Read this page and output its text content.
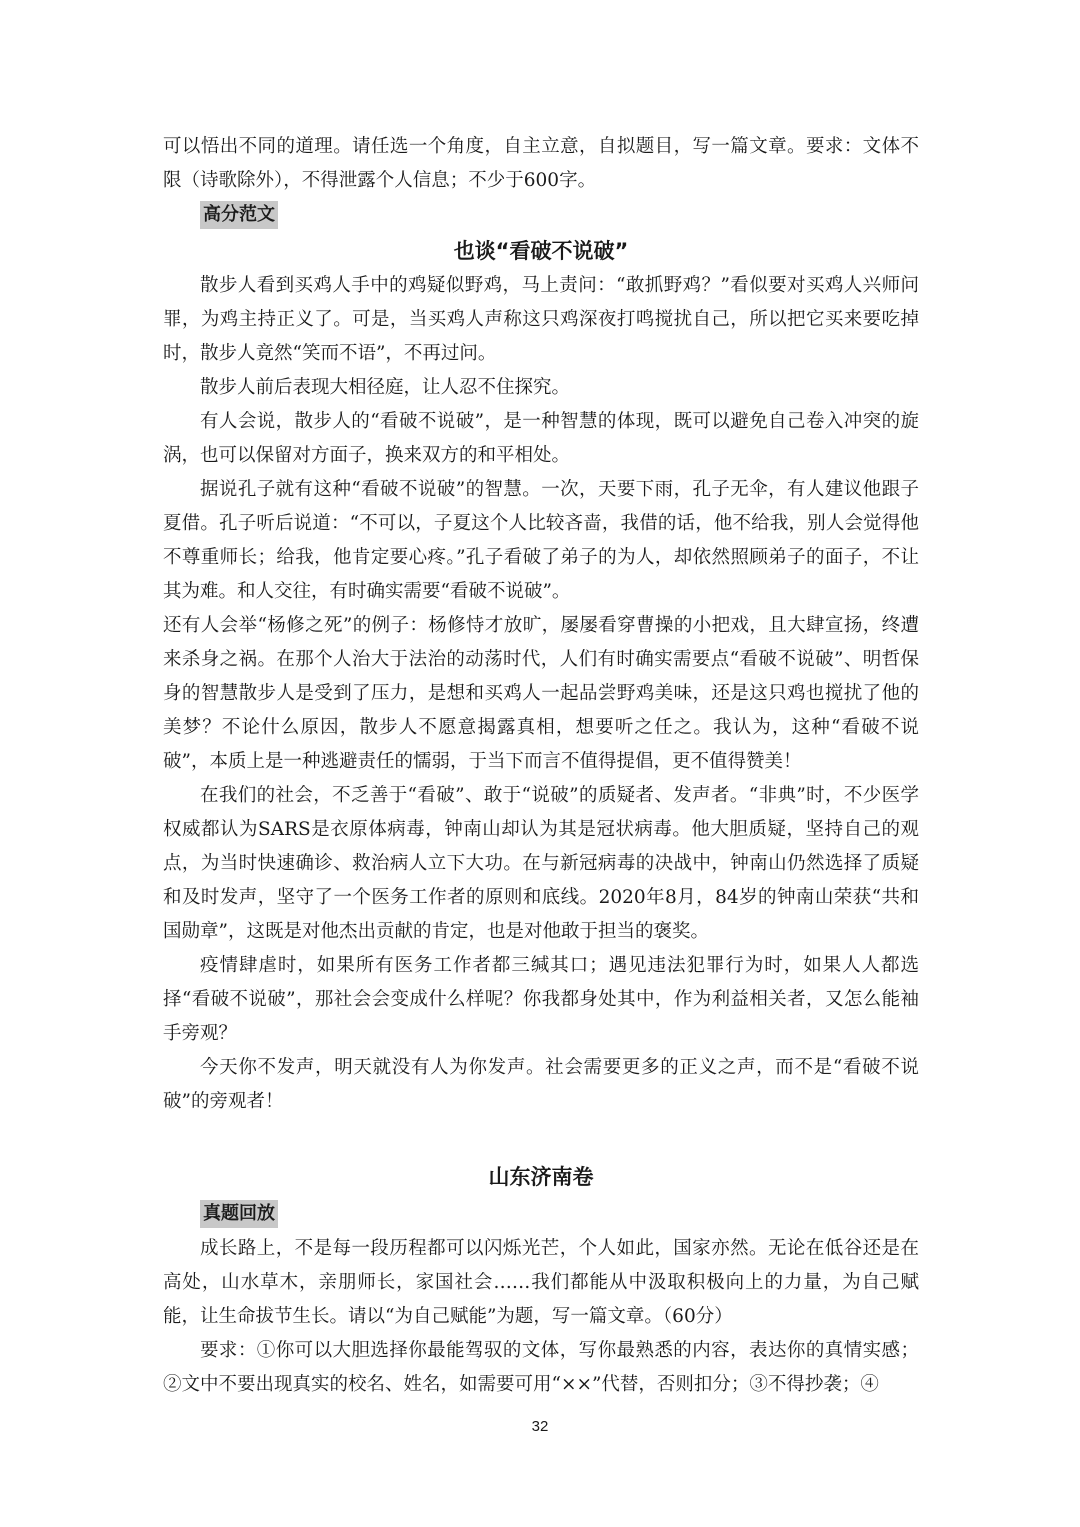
可以悟出不同的道理。请任选一个角度，自主立意，自拟题目，写一篇文章。要求：文体不限（诗歌除外），不得泄露个人信息；不少于600字。

高分范文

也谈“看破不说破”

散步人看到买鸡人手中的鸡疑似野鸡，马上责问：“敢抓野鸡？”看似要对买鸡人兴师问罪，为鸡主持正义了。可是，当买鸡人声称这只鸡深夜打鸣搅扰自己，所以把它买来要吃掉时，散步人竟然“笑而不语”，不再过问。

散步人前后表现大相径庭，让人忍不住探究。

有人会说，散步人的“看破不说破”，是一种智慧的体现，既可以避免自己卷入冲突的旋涡，也可以保留对方面子，换来双方的和平相处。

据说孔子就有这种“看破不说破”的智慧。一次，天要下雨，孔子无伞，有人建议他跟子夏借。孔子听后说道：“不可以，子夏这个人比较吝啬，我借的话，他不给我，别人会觉得他不尊重师长；给我，他肯定要心疼。”孔子看破了弟子的为人，却依然照顾弟子的面子，不让其为难。和人交往，有时确实需要“看破不说破”。

还有人会举“杨修之死”的例子：杨修恃才放旷，屡屡看穿曹操的小把戏，且大肆宣扬，终遭来杀身之祸。在那个人治大于法治的动荡时代，人们有时确实需要点“看破不说破”、明哲保身的智慧散步人是受到了压力，是想和买鸡人一起品尝野鸡美味，还是这只鸡也搅扰了他的美梦？不论什么原因，散步人不愿意揭露真相，想要听之任之。我认为，这种“看破不说破”，本质上是一种逃避责任的懦弱，于当下而言不值得提倡，更不值得赞美！

在我们的社会，不乏善于“看破”、敢于“说破”的质疑者、发声者。“非典”时，不少医学权威都认为SARS是衣原体病毒，钟南山却认为其是冠状病毒。他大胆质疑，坚持自己的观点，为当时快速确诊、救治病人立下大功。在与新冠病毒的决战中，钟南山仍然选择了质疑和及时发声，坚守了一个医务工作者的原则和底线。2020年8月，84岁的钟南山荣获“共和国勋章”，这既是对他杰出贡献的肯定，也是对他敢于担当的褒奖。

疫情肆虐时，如果所有医务工作者都三缄其口；遇见违法犯罪行为时，如果人人都选择“看破不说破”，那社会会变成什么样呢？你我都身处其中，作为利益相关者，又怎么能袖手旁观？

今天你不发声，明天就没有人为你发声。社会需要更多的正义之声，而不是“看破不说破”的旁观者！

山东济南卷

真题回放

成长路上，不是每一段历程都可以闪烁光芒，个人如此，国家亦然。无论在低谷还是在高处，山水草木，亲朋师长，家国社会……我们都能从中汲取积极向上的力量，为自己赋能，让生命拔节生长。请以“为自己赋能”为题，写一篇文章。（60分）

要求：①你可以大胆选择你最能驾驭的文体，写你最熟悉的内容，表达你的真情实感；②文中不要出现真实的校名、姓名，如需要可用“××”代替，否则扣分；③不得抄袭；④

32
